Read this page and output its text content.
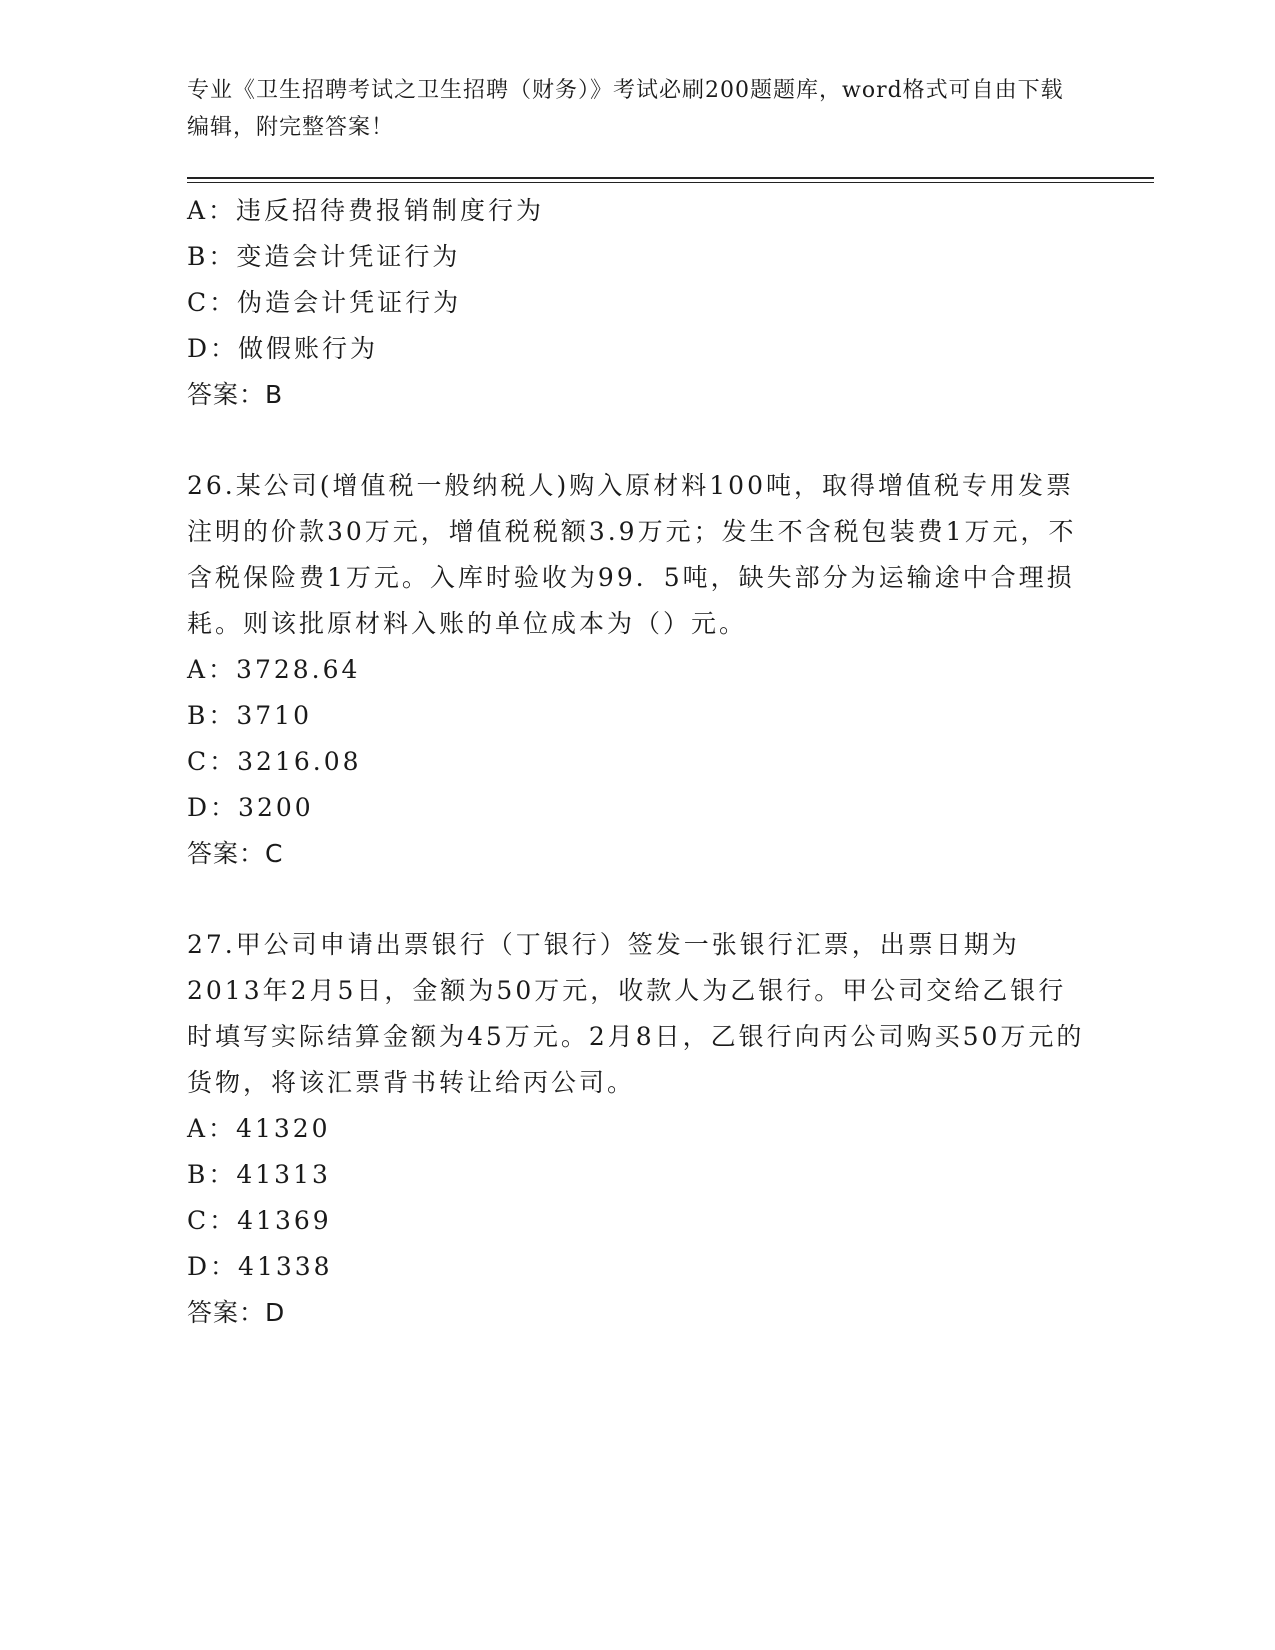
专业《卫生招聘考试之卫生招聘（财务）》考试必刷200题题库，word格式可自由下载编辑，附完整答案！
A：违反招待费报销制度行为
B：变造会计凭证行为
C：伪造会计凭证行为
D：做假账行为
答案：B
26.某公司(增值税一般纳税人)购入原材料100吨，取得增值税专用发票注明的价款30万元，增值税税额3.9万元；发生不含税包装费1万元，不含税保险费1万元。入库时验收为99．5吨，缺失部分为运输途中合理损耗。则该批原材料入账的单位成本为（）元。
A：3728.64
B：3710
C：3216.08
D：3200
答案：C
27.甲公司申请出票银行（丁银行）签发一张银行汇票，出票日期为2013年2月5日，金额为50万元，收款人为乙银行。甲公司交给乙银行时填写实际结算金额为45万元。2月8日，乙银行向丙公司购买50万元的货物，将该汇票背书转让给丙公司。
A：41320
B：41313
C：41369
D：41338
答案：D
